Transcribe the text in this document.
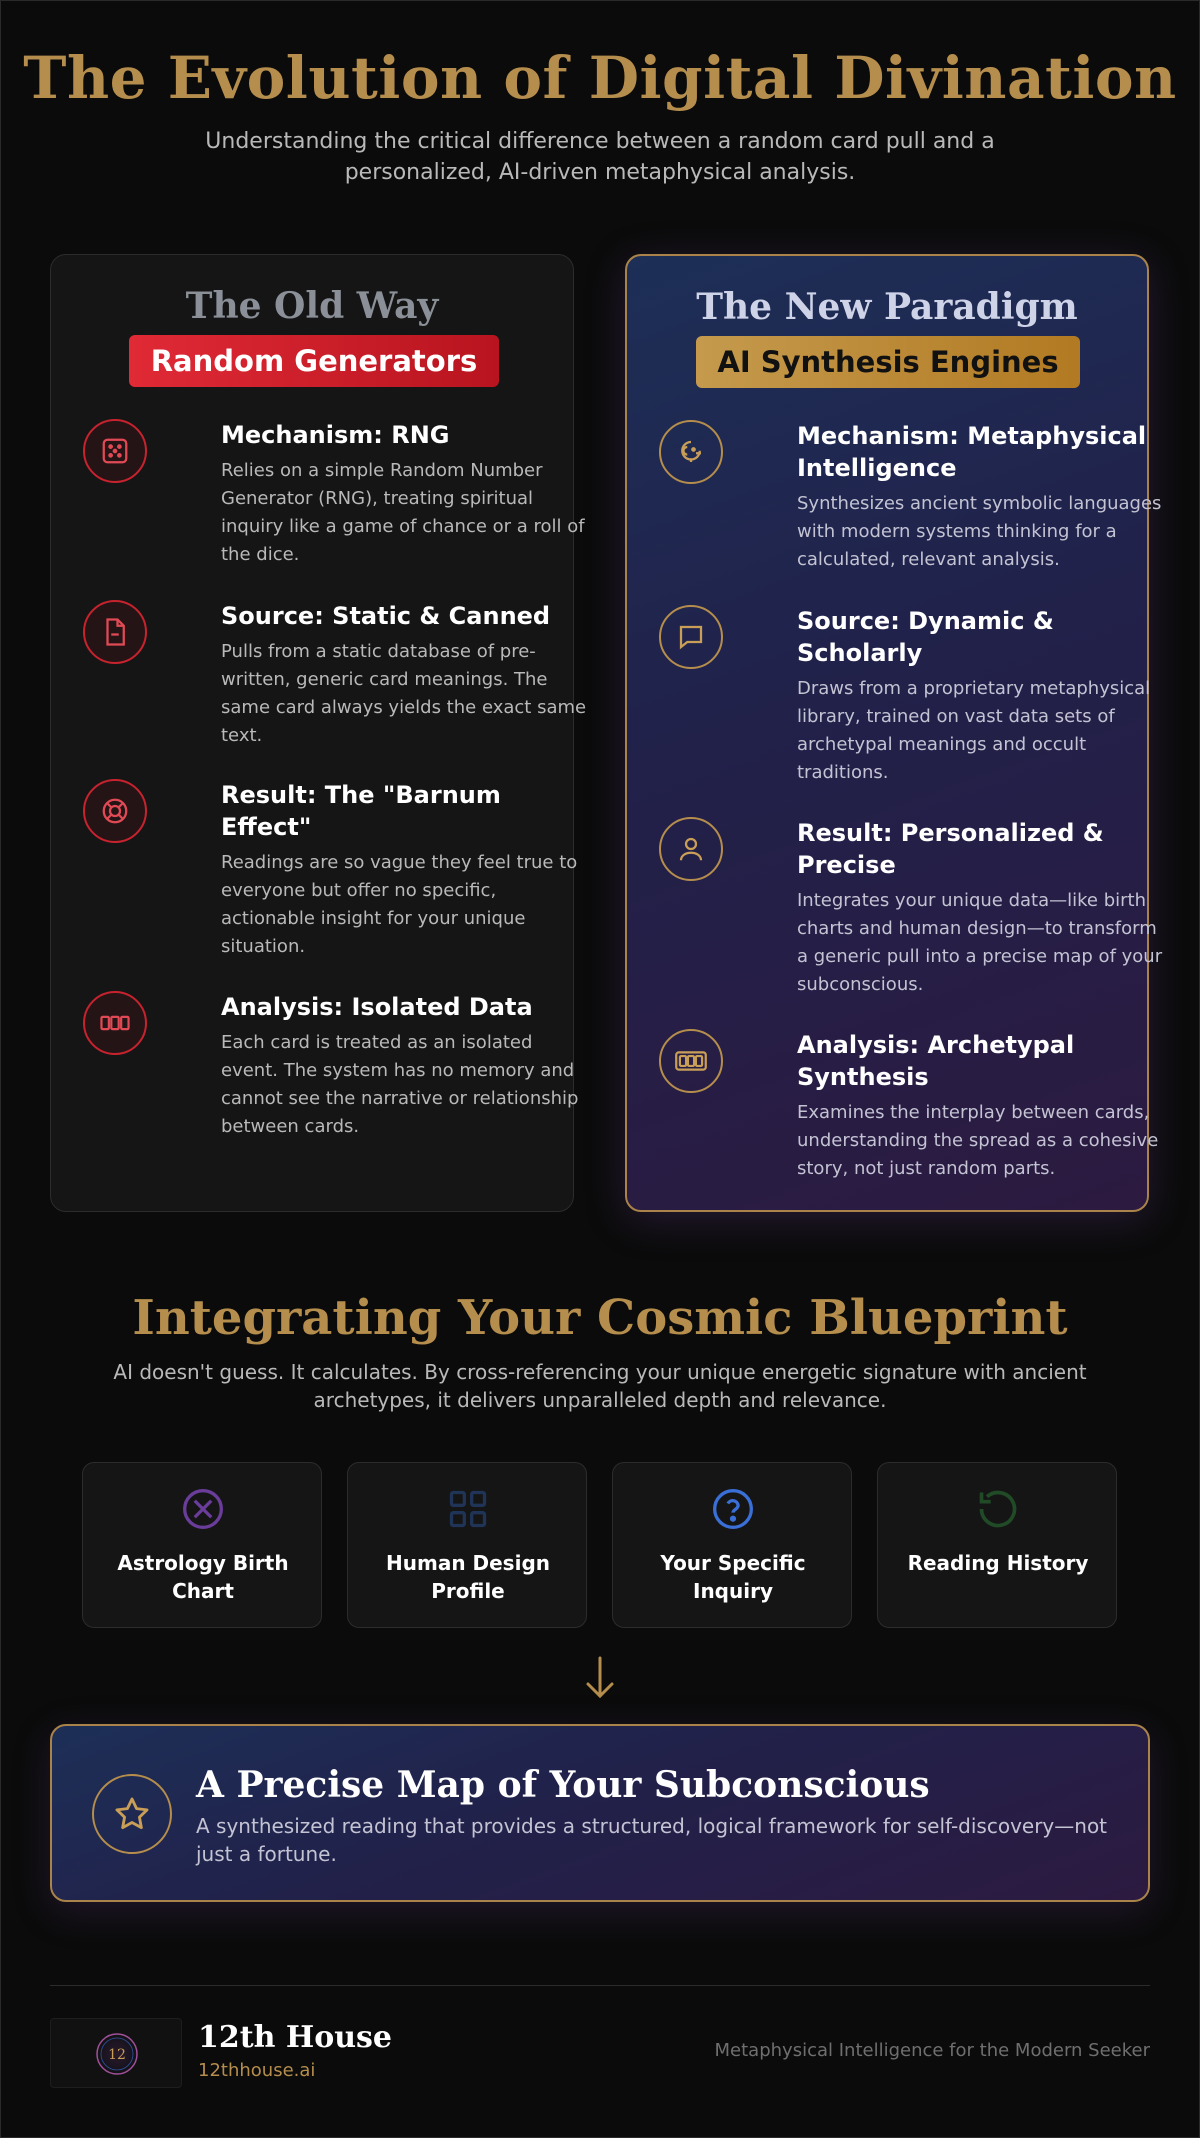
The Evolution of Digital Divination

Understanding the critical difference between a random card pull and a personalized, AI-driven metaphysical analysis.

The Old Way
Random Generators
Mechanism: RNG
Relies on a simple Random Number Generator (RNG), treating spiritual inquiry like a game of chance or a roll of the dice.
Source: Static & Canned
Pulls from a static database of pre-written, generic card meanings. The same card always yields the exact same text.
Result: The "Barnum Effect"
Readings are so vague they feel true to everyone but offer no specific, actionable insight for your unique situation.
Analysis: Isolated Data
Each card is treated as an isolated event. The system has no memory and cannot see the narrative or relationship between cards.
The New Paradigm
AI Synthesis Engines
Mechanism: Metaphysical Intelligence
Synthesizes ancient symbolic languages with modern systems thinking for a calculated, relevant analysis.
Source: Dynamic & Scholarly
Draws from a proprietary metaphysical library, trained on vast data sets of archetypal meanings and occult traditions.
Result: Personalized & Precise
Integrates your unique data—like birth charts and human design—to transform a generic pull into a precise map of your subconscious.
Analysis: Archetypal Synthesis
Examines the interplay between cards, understanding the spread as a cohesive story, not just random parts.
Integrating Your Cosmic Blueprint

AI doesn't guess. It calculates. By cross-referencing your unique energetic signature with ancient archetypes, it delivers unparalleled depth and relevance.

Astrology Birth Chart
Human Design Profile
Your Specific Inquiry
Reading History
A Precise Map of Your Subconscious
A synthesized reading that provides a structured, logical framework for self-discovery—not just a fortune.
12 12th House
12thhouse.ai
Metaphysical Intelligence for the Modern Seeker
